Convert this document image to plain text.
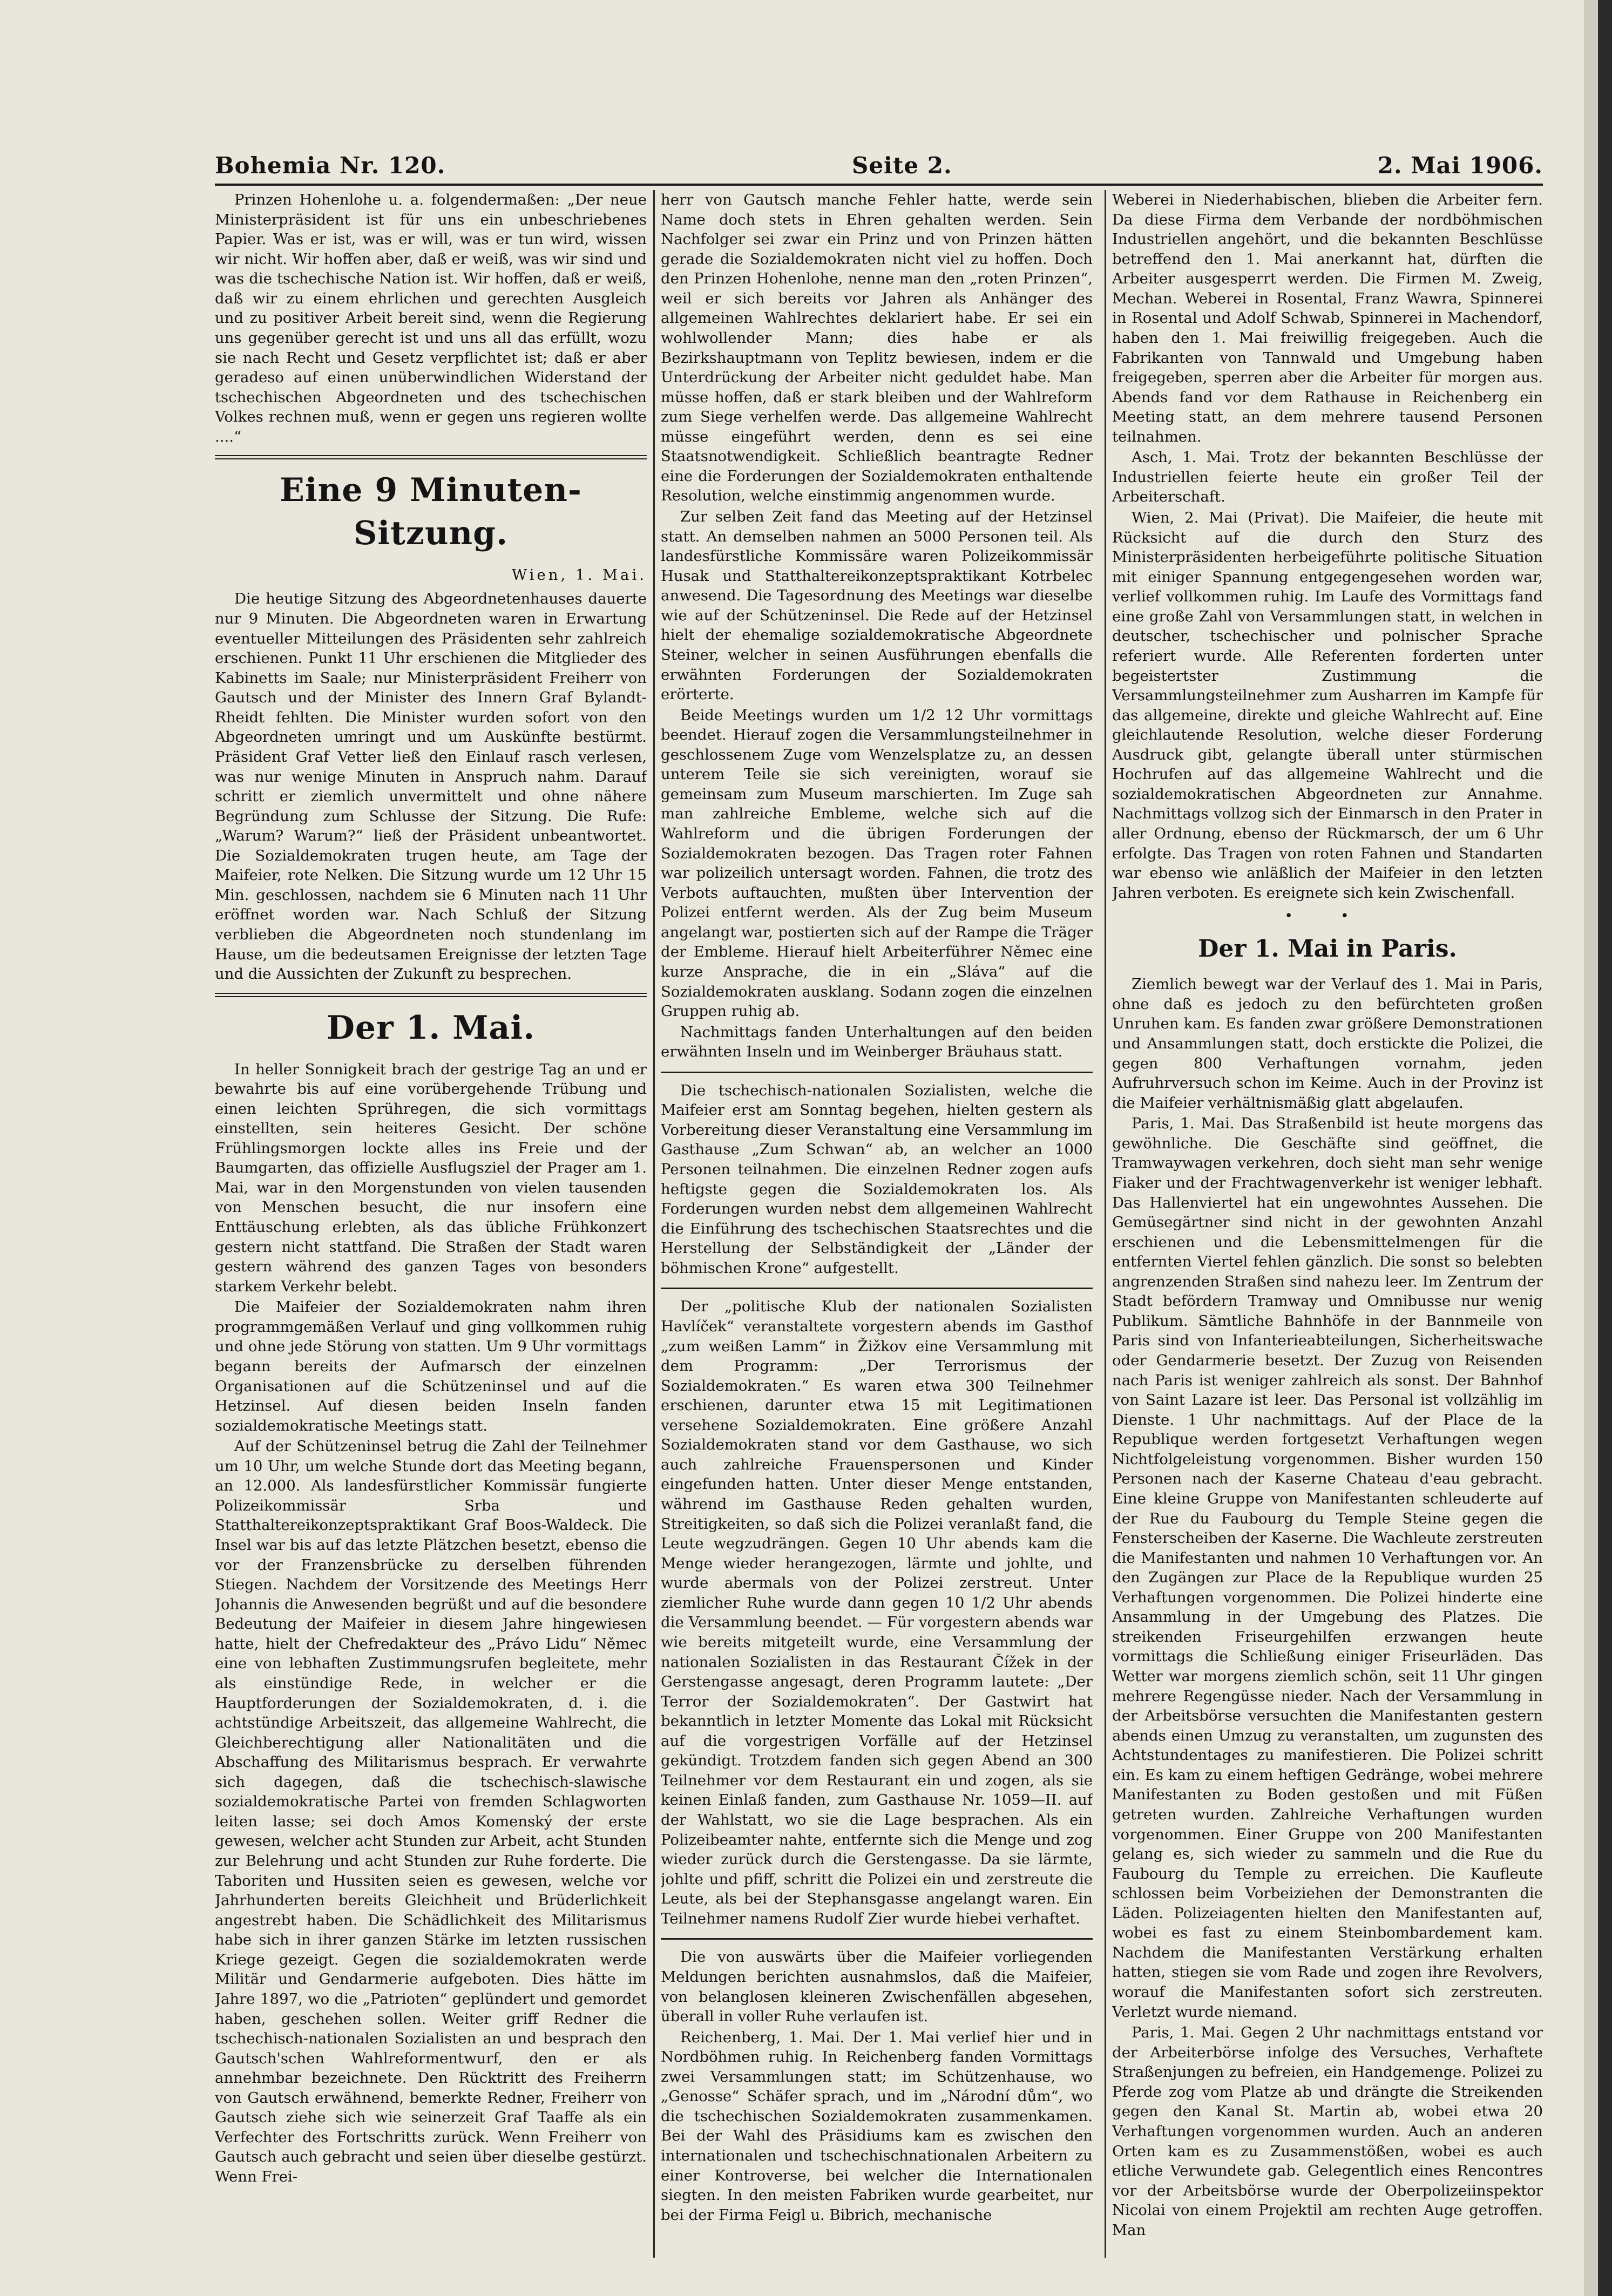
Bohemia Nr. 120.	Seite 2.	2. Mai 1906.

Prinzen Hohenlohe u. a. folgendermaßen: „Der neue Ministerpräsident ist für uns ein unbeschriebenes Papier. Was er ist, was er will, was er tun wird, wissen wir nicht. Wir hoffen aber, daß er weiß, was wir sind und was die tschechische Nation ist. Wir hoffen, daß er weiß, daß wir zu einem ehrlichen und gerechten Ausgleich und zu positiver Arbeit bereit sind, wenn die Regierung uns gegenüber gerecht ist und uns all das erfüllt, wozu sie nach Recht und Gesetz verpflichtet ist; daß er aber geradeso auf einen unüberwindlichen Widerstand der tschechischen Abgeordneten und des tschechischen Volkes rechnen muß, wenn er gegen uns regieren wollte ....“

Eine 9 Minuten-Sitzung.
Wien, 1. Mai.

Die heutige Sitzung des Abgeordnetenhauses dauerte nur 9 Minuten. Die Abgeordneten waren in Erwartung eventueller Mitteilungen des Präsidenten sehr zahlreich erschienen. Punkt 11 Uhr erschienen die Mitglieder des Kabinetts im Saale; nur Ministerpräsident Freiherr von Gautsch und der Minister des Innern Graf Bylandt-Rheidt fehlten. Die Minister wurden sofort von den Abgeordneten umringt und um Auskünfte bestürmt. Präsident Graf Vetter ließ den Einlauf rasch verlesen, was nur wenige Minuten in Anspruch nahm. Darauf schritt er ziemlich unvermittelt und ohne nähere Begründung zum Schlusse der Sitzung. Die Rufe: „Warum? Warum?“ ließ der Präsident unbeantwortet. Die Sozialdemokraten trugen heute, am Tage der Maifeier, rote Nelken. Die Sitzung wurde um 12 Uhr 15 Min. geschlossen, nachdem sie 6 Minuten nach 11 Uhr eröffnet worden war. Nach Schluß der Sitzung verblieben die Abgeordneten noch stundenlang im Hause, um die bedeutsamen Ereignisse der letzten Tage und die Aussichten der Zukunft zu besprechen.

Der 1. Mai.

In heller Sonnigkeit brach der gestrige Tag an und er bewahrte bis auf eine vorübergehende Trübung und einen leichten Sprühregen, die sich vormittags einstellten, sein heiteres Gesicht. Der schöne Frühlingsmorgen lockte alles ins Freie und der Baumgarten, das offizielle Ausflugsziel der Prager am 1. Mai, war in den Morgenstunden von vielen tausenden von Menschen besucht, die nur insofern eine Enttäuschung erlebten, als das übliche Frühkonzert gestern nicht stattfand. Die Straßen der Stadt waren gestern während des ganzen Tages von besonders starkem Verkehr belebt.

Die Maifeier der Sozialdemokraten nahm ihren programmgemäßen Verlauf und ging vollkommen ruhig und ohne jede Störung von statten. Um 9 Uhr vormittags begann bereits der Aufmarsch der einzelnen Organisationen auf die Schützeninsel und auf die Hetzinsel. Auf diesen beiden Inseln fanden sozialdemokratische Meetings statt.

Auf der Schützeninsel betrug die Zahl der Teilnehmer um 10 Uhr, um welche Stunde dort das Meeting begann, an 12.000. Als landesfürstlicher Kommissär fungierte Polizeikommissär Srba und Statthaltereikonzeptspraktikant Graf Boos-Waldeck. Die Insel war bis auf das letzte Plätzchen besetzt, ebenso die vor der Franzensbrücke zu derselben führenden Stiegen. Nachdem der Vorsitzende des Meetings Herr Johannis die Anwesenden begrüßt und auf die besondere Bedeutung der Maifeier in diesem Jahre hingewiesen hatte, hielt der Chefredakteur des „Právo Lidu“ Němec eine von lebhaften Zustimmungsrufen begleitete, mehr als einstündige Rede, in welcher er die Hauptforderungen der Sozialdemokraten, d. i. die achtstündige Arbeitszeit, das allgemeine Wahlrecht, die Gleichberechtigung aller Nationalitäten und die Abschaffung des Militarismus besprach. Er verwahrte sich dagegen, daß die tschechisch-slawische sozialdemokratische Partei von fremden Schlagworten leiten lasse; sei doch Amos Komenský der erste gewesen, welcher acht Stunden zur Arbeit, acht Stunden zur Belehrung und acht Stunden zur Ruhe forderte. Die Taboriten und Hussiten seien es gewesen, welche vor Jahrhunderten bereits Gleichheit und Brüderlichkeit angestrebt haben. Die Schädlichkeit des Militarismus habe sich in ihrer ganzen Stärke im letzten russischen Kriege gezeigt. Gegen die sozialdemokraten werde Militär und Gendarmerie aufgeboten. Dies hätte im Jahre 1897, wo die „Patrioten“ geplündert und gemordet haben, geschehen sollen. Weiter griff Redner die tschechisch-nationalen Sozialisten an und besprach den Gautsch'schen Wahlreformentwurf, den er als annehmbar bezeichnete. Den Rücktritt des Freiherrn von Gautsch erwähnend, bemerkte Redner, Freiherr von Gautsch ziehe sich wie seinerzeit Graf Taaffe als ein Verfechter des Fortschritts zurück. Wenn Freiherr von Gautsch auch gebracht und seien über dieselbe gestürzt. Wenn Frei-

herr von Gautsch manche Fehler hatte, werde sein Name doch stets in Ehren gehalten werden. Sein Nachfolger sei zwar ein Prinz und von Prinzen hätten gerade die Sozialdemokraten nicht viel zu hoffen. Doch den Prinzen Hohenlohe, nenne man den „roten Prinzen“, weil er sich bereits vor Jahren als Anhänger des allgemeinen Wahlrechtes deklariert habe. Er sei ein wohlwollender Mann; dies habe er als Bezirkshauptmann von Teplitz bewiesen, indem er die Unterdrückung der Arbeiter nicht geduldet habe. Man müsse hoffen, daß er stark bleiben und der Wahlreform zum Siege verhelfen werde. Das allgemeine Wahlrecht müsse eingeführt werden, denn es sei eine Staatsnotwendigkeit. Schließlich beantragte Redner eine die Forderungen der Sozialdemokraten enthaltende Resolution, welche einstimmig angenommen wurde.

Zur selben Zeit fand das Meeting auf der Hetzinsel statt. An demselben nahmen an 5000 Personen teil. Als landesfürstliche Kommissäre waren Polizeikommissär Husak und Statthaltereikonzeptspraktikant Kotrbelec anwesend. Die Tagesordnung des Meetings war dieselbe wie auf der Schützeninsel. Die Rede auf der Hetzinsel hielt der ehemalige sozialdemokratische Abgeordnete Steiner, welcher in seinen Ausführungen ebenfalls die erwähnten Forderungen der Sozialdemokraten erörterte.

Beide Meetings wurden um 1/2 12 Uhr vormittags beendet. Hierauf zogen die Versammlungsteilnehmer in geschlossenem Zuge vom Wenzelsplatze zu, an dessen unterem Teile sie sich vereinigten, worauf sie gemeinsam zum Museum marschierten. Im Zuge sah man zahlreiche Embleme, welche sich auf die Wahlreform und die übrigen Forderungen der Sozialdemokraten bezogen. Das Tragen roter Fahnen war polizeilich untersagt worden. Fahnen, die trotz des Verbots auftauchten, mußten über Intervention der Polizei entfernt werden. Als der Zug beim Museum angelangt war, postierten sich auf der Rampe die Träger der Embleme. Hierauf hielt Arbeiterführer Němec eine kurze Ansprache, die in ein „Sláva“ auf die Sozialdemokraten ausklang. Sodann zogen die einzelnen Gruppen ruhig ab.

Nachmittags fanden Unterhaltungen auf den beiden erwähnten Inseln und im Weinberger Bräuhaus statt.

Die tschechisch-nationalen Sozialisten, welche die Maifeier erst am Sonntag begehen, hielten gestern als Vorbereitung dieser Veranstaltung eine Versammlung im Gasthause „Zum Schwan“ ab, an welcher an 1000 Personen teilnahmen. Die einzelnen Redner zogen aufs heftigste gegen die Sozialdemokraten los. Als Forderungen wurden nebst dem allgemeinen Wahlrecht die Einführung des tschechischen Staatsrechtes und die Herstellung der Selbständigkeit der „Länder der böhmischen Krone“ aufgestellt.

Der „politische Klub der nationalen Sozialisten Havlíček“ veranstaltete vorgestern abends im Gasthof „zum weißen Lamm“ in Žižkov eine Versammlung mit dem Programm: „Der Terrorismus der Sozialdemokraten.“ Es waren etwa 300 Teilnehmer erschienen, darunter etwa 15 mit Legitimationen versehene Sozialdemokraten. Eine größere Anzahl Sozialdemokraten stand vor dem Gasthause, wo sich auch zahlreiche Frauenspersonen und Kinder eingefunden hatten. Unter dieser Menge entstanden, während im Gasthause Reden gehalten wurden, Streitigkeiten, so daß sich die Polizei veranlaßt fand, die Leute wegzudrängen. Gegen 10 Uhr abends kam die Menge wieder herangezogen, lärmte und johlte, und wurde abermals von der Polizei zerstreut. Unter ziemlicher Ruhe wurde dann gegen 10 1/2 Uhr abends die Versammlung beendet. — Für vorgestern abends war wie bereits mitgeteilt wurde, eine Versammlung der nationalen Sozialisten in das Restaurant Čížek in der Gerstengasse angesagt, deren Programm lautete: „Der Terror der Sozialdemokraten“. Der Gastwirt hat bekanntlich in letzter Momente das Lokal mit Rücksicht auf die vorgestrigen Vorfälle auf der Hetzinsel gekündigt. Trotzdem fanden sich gegen Abend an 300 Teilnehmer vor dem Restaurant ein und zogen, als sie keinen Einlaß fanden, zum Gasthause Nr. 1059—II. auf der Wahlstatt, wo sie die Lage besprachen. Als ein Polizeibeamter nahte, entfernte sich die Menge und zog wieder zurück durch die Gerstengasse. Da sie lärmte, johlte und pfiff, schritt die Polizei ein und zerstreute die Leute, als bei der Stephansgasse angelangt waren. Ein Teilnehmer namens Rudolf Zier wurde hiebei verhaftet.

Die von auswärts über die Maifeier vorliegenden Meldungen berichten ausnahmslos, daß die Maifeier, von belanglosen kleineren Zwischenfällen abgesehen, überall in voller Ruhe verlaufen ist.

Reichenberg, 1. Mai. Der 1. Mai verlief hier und in Nordböhmen ruhig. In Reichenberg fanden Vormittags zwei Versammlungen statt; im Schützenhause, wo „Genosse“ Schäfer sprach, und im „Národní dům“, wo die tschechischen Sozialdemokraten zusammenkamen. Bei der Wahl des Präsidiums kam es zwischen den internationalen und tschechischnationalen Arbeitern zu einer Kontroverse, bei welcher die Internationalen siegten. In den meisten Fabriken wurde gearbeitet, nur bei der Firma Feigl u. Bibrich, mechanische

Weberei in Niederhabischen, blieben die Arbeiter fern. Da diese Firma dem Verbande der nordböhmischen Industriellen angehört, und die bekannten Beschlüsse betreffend den 1. Mai anerkannt hat, dürften die Arbeiter ausgesperrt werden. Die Firmen M. Zweig, Mechan. Weberei in Rosental, Franz Wawra, Spinnerei in Rosental und Adolf Schwab, Spinnerei in Machendorf, haben den 1. Mai freiwillig freigegeben. Auch die Fabrikanten von Tannwald und Umgebung haben freigegeben, sperren aber die Arbeiter für morgen aus. Abends fand vor dem Rathause in Reichenberg ein Meeting statt, an dem mehrere tausend Personen teilnahmen.

Asch, 1. Mai. Trotz der bekannten Beschlüsse der Industriellen feierte heute ein großer Teil der Arbeiterschaft.

Wien, 2. Mai (Privat). Die Maifeier, die heute mit Rücksicht auf die durch den Sturz des Ministerpräsidenten herbeigeführte politische Situation mit einiger Spannung entgegengesehen worden war, verlief vollkommen ruhig. Im Laufe des Vormittags fand eine große Zahl von Versammlungen statt, in welchen in deutscher, tschechischer und polnischer Sprache referiert wurde. Alle Referenten forderten unter begeistertster Zustimmung die Versammlungsteilnehmer zum Ausharren im Kampfe für das allgemeine, direkte und gleiche Wahlrecht auf. Eine gleichlautende Resolution, welche dieser Forderung Ausdruck gibt, gelangte überall unter stürmischen Hochrufen auf das allgemeine Wahlrecht und die sozialdemokratischen Abgeordneten zur Annahme. Nachmittags vollzog sich der Einmarsch in den Prater in aller Ordnung, ebenso der Rückmarsch, der um 6 Uhr erfolgte. Das Tragen von roten Fahnen und Standarten war ebenso wie anläßlich der Maifeier in den letzten Jahren verboten. Es ereignete sich kein Zwischenfall.

• •
Der 1. Mai in Paris.

Ziemlich bewegt war der Verlauf des 1. Mai in Paris, ohne daß es jedoch zu den befürchteten großen Unruhen kam. Es fanden zwar größere Demonstrationen und Ansammlungen statt, doch erstickte die Polizei, die gegen 800 Verhaftungen vornahm, jeden Aufruhrversuch schon im Keime. Auch in der Provinz ist die Maifeier verhältnismäßig glatt abgelaufen.

Paris, 1. Mai. Das Straßenbild ist heute morgens das gewöhnliche. Die Geschäfte sind geöffnet, die Tramwaywagen verkehren, doch sieht man sehr wenige Fiaker und der Frachtwagenverkehr ist weniger lebhaft. Das Hallenviertel hat ein ungewohntes Aussehen. Die Gemüsegärtner sind nicht in der gewohnten Anzahl erschienen und die Lebensmittelmengen für die entfernten Viertel fehlen gänzlich. Die sonst so belebten angrenzenden Straßen sind nahezu leer. Im Zentrum der Stadt befördern Tramway und Omnibusse nur wenig Publikum. Sämtliche Bahnhöfe in der Bannmeile von Paris sind von Infanterieabteilungen, Sicherheitswache oder Gendarmerie besetzt. Der Zuzug von Reisenden nach Paris ist weniger zahlreich als sonst. Der Bahnhof von Saint Lazare ist leer. Das Personal ist vollzählig im Dienste. 1 Uhr nachmittags. Auf der Place de la Republique werden fortgesetzt Verhaftungen wegen Nichtfolgeleistung vorgenommen. Bisher wurden 150 Personen nach der Kaserne Chateau d'eau gebracht. Eine kleine Gruppe von Manifestanten schleuderte auf der Rue du Faubourg du Temple Steine gegen die Fensterscheiben der Kaserne. Die Wachleute zerstreuten die Manifestanten und nahmen 10 Verhaftungen vor. An den Zugängen zur Place de la Republique wurden 25 Verhaftungen vorgenommen. Die Polizei hinderte eine Ansammlung in der Umgebung des Platzes. Die streikenden Friseurgehilfen erzwangen heute vormittags die Schließung einiger Friseurläden. Das Wetter war morgens ziemlich schön, seit 11 Uhr gingen mehrere Regengüsse nieder. Nach der Versammlung in der Arbeitsbörse versuchten die Manifestanten gestern abends einen Umzug zu veranstalten, um zugunsten des Achtstundentages zu manifestieren. Die Polizei schritt ein. Es kam zu einem heftigen Gedränge, wobei mehrere Manifestanten zu Boden gestoßen und mit Füßen getreten wurden. Zahlreiche Verhaftungen wurden vorgenommen. Einer Gruppe von 200 Manifestanten gelang es, sich wieder zu sammeln und die Rue du Faubourg du Temple zu erreichen. Die Kaufleute schlossen beim Vorbeiziehen der Demonstranten die Läden. Polizeiagenten hielten den Manifestanten auf, wobei es fast zu einem Steinbombardement kam. Nachdem die Manifestanten Verstärkung erhalten hatten, stiegen sie vom Rade und zogen ihre Revolvers, worauf die Manifestanten sofort sich zerstreuten. Verletzt wurde niemand.

Paris, 1. Mai. Gegen 2 Uhr nachmittags entstand vor der Arbeiterbörse infolge des Versuches, Verhaftete Straßenjungen zu befreien, ein Handgemenge. Polizei zu Pferde zog vom Platze ab und drängte die Streikenden gegen den Kanal St. Martin ab, wobei etwa 20 Verhaftungen vorgenommen wurden. Auch an anderen Orten kam es zu Zusammenstößen, wobei es auch etliche Verwundete gab. Gelegentlich eines Rencontres vor der Arbeitsbörse wurde der Oberpolizeiinspektor Nicolai von einem Projektil am rechten Auge getroffen. Man
